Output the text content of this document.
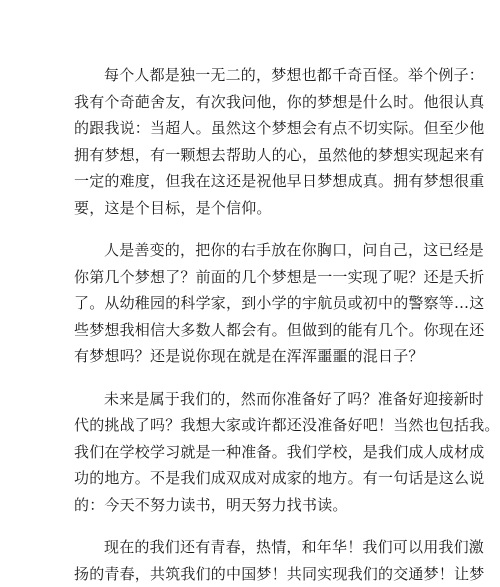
每个人都是独一无二的，梦想也都千奇百怪。举个例子：
我有个奇葩舍友，有次我问他，你的梦想是什么时。他很认真
的跟我说：当超人。虽然这个梦想会有点不切实际。但至少他
拥有梦想，有一颗想去帮助人的心，虽然他的梦想实现起来有
一定的难度，但我在这还是祝他早日梦想成真。拥有梦想很重
要，这是个目标，是个信仰。
人是善变的，把你的右手放在你胸口，问自己，这已经是
你第几个梦想了？前面的几个梦想是一一实现了呢？还是夭折
了。从幼稚园的科学家，到小学的宇航员或初中的警察等…这
些梦想我相信大多数人都会有。但做到的能有几个。你现在还
有梦想吗？还是说你现在就是在浑浑噩噩的混日子？
未来是属于我们的，然而你准备好了吗？准备好迎接新时
代的挑战了吗？我想大家或许都还没准备好吧！当然也包括我。
我们在学校学习就是一种准备。我们学校，是我们成人成材成
功的地方。不是我们成双成对成家的地方。有一句话是这么说
的：今天不努力读书，明天努力找书读。
现在的我们还有青春，热情，和年华！我们可以用我们激
扬的青春，共筑我们的中国梦！共同实现我们的交通梦！让梦
